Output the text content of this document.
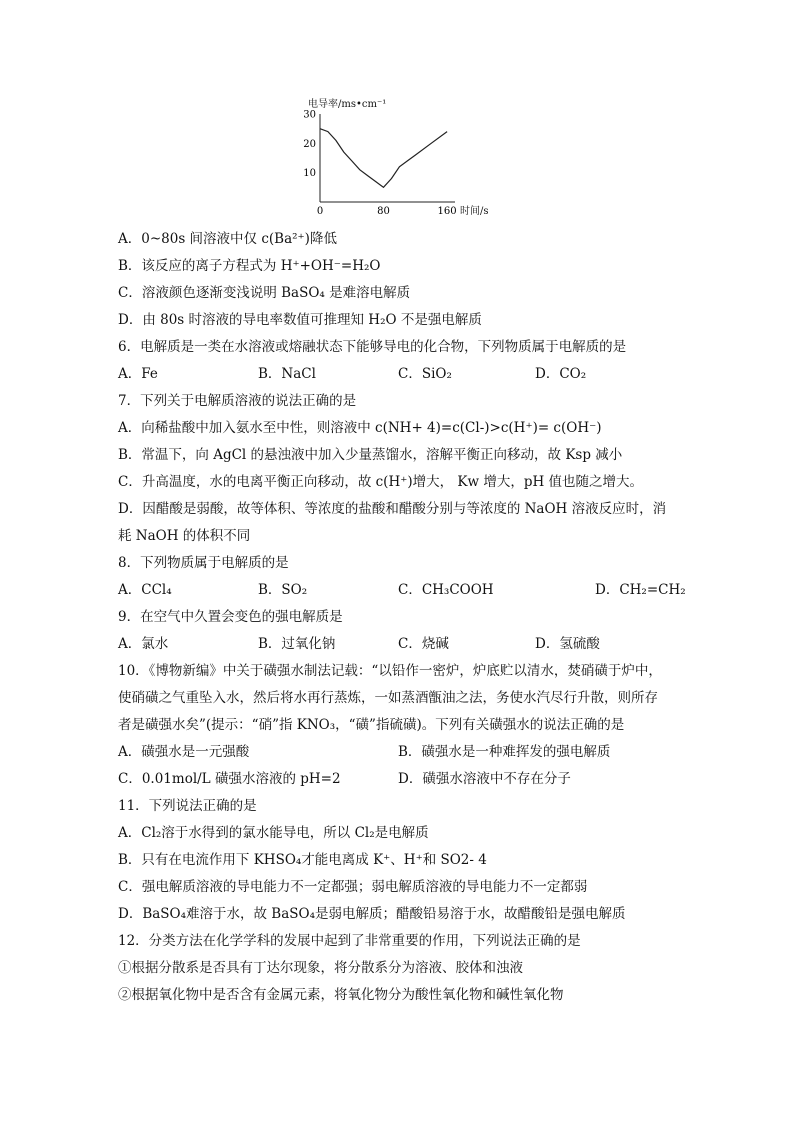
电导率/ms•cm⁻¹
时间/s
10
20
30
0	80	160
A．0~80s 间溶液中仅 c(Ba²⁺)降低
B．该反应的离子方程式为 H⁺+OH⁻=H₂O
C．溶液颜色逐渐变浅说明 BaSO₄ 是难溶电解质
D．由 80s 时溶液的导电率数值可推理知 H₂O 不是强电解质
6．电解质是一类在水溶液或熔融状态下能够导电的化合物，下列物质属于电解质的是
A．Fe	B．NaCl	C．SiO₂	D．CO₂
7．下列关于电解质溶液的说法正确的是
A．向稀盐酸中加入氨水至中性，则溶液中 c(NH+ 4)=c(Cl-)>c(H⁺)= c(OH⁻)
B．常温下，向 AgCl 的悬浊液中加入少量蒸馏水，溶解平衡正向移动，故 Ksp 减小
C．升高温度，水的电离平衡正向移动，故 c(H⁺)增大， Kw 增大，pH 值也随之增大。
D．因醋酸是弱酸，故等体积、等浓度的盐酸和醋酸分别与等浓度的 NaOH 溶液反应时，消
耗 NaOH 的体积不同
8．下列物质属于电解质的是
A．CCl₄	B．SO₂	C．CH₃COOH	D．CH₂=CH₂
9．在空气中久置会变色的强电解质是
A．氯水	B．过氧化钠	C．烧碱	D．氢硫酸
10．《博物新编》中关于磺强水制法记载：“以铅作一密炉，炉底贮以清水，焚硝磺于炉中，
使硝磺之气重坠入水，然后将水再行蒸炼，一如蒸酒甑油之法，务使水汽尽行升散，则所存
者是磺强水矣”(提示：“硝”指 KNO₃，“磺”指硫磺)。下列有关磺强水的说法正确的是
A．磺强水是一元强酸	B．磺强水是一种难挥发的强电解质
C．0.01mol/L 磺强水溶液的 pH=2	D．磺强水溶液中不存在分子
11．下列说法正确的是
A．Cl₂溶于水得到的氯水能导电，所以 Cl₂是电解质
B．只有在电流作用下 KHSO₄才能电离成 K⁺、H⁺和 SO2- 4
C．强电解质溶液的导电能力不一定都强；弱电解质溶液的导电能力不一定都弱
D．BaSO₄难溶于水，故 BaSO₄是弱电解质；醋酸铅易溶于水，故醋酸铅是强电解质
12．分类方法在化学学科的发展中起到了非常重要的作用，下列说法正确的是
①根据分散系是否具有丁达尔现象，将分散系分为溶液、胶体和浊液
②根据氧化物中是否含有金属元素，将氧化物分为酸性氧化物和碱性氧化物
